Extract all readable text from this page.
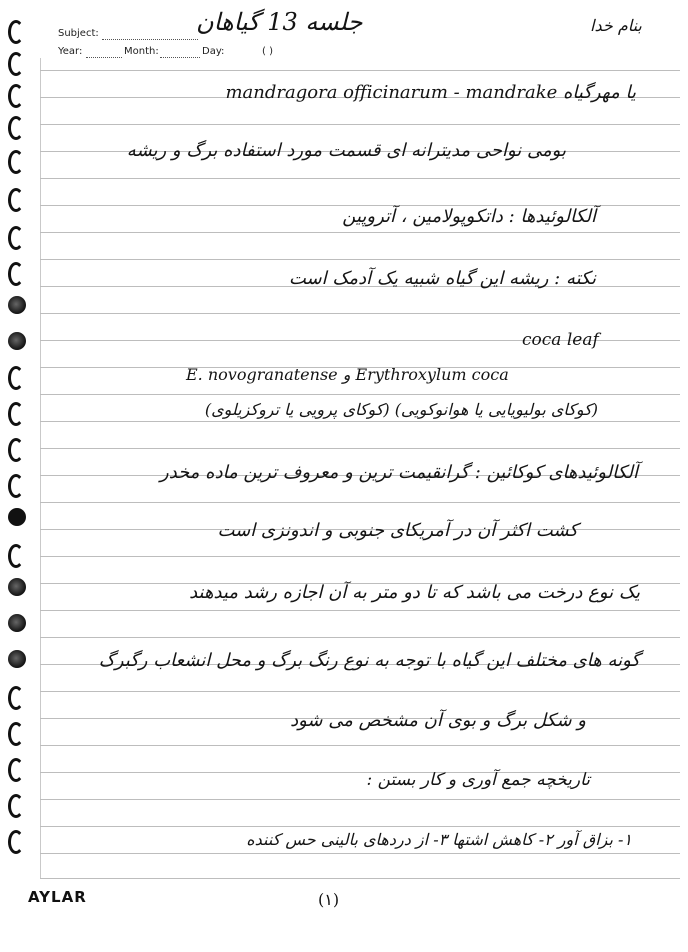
Subject:
Year:	Month:	Day:	( )
جلسه 13 گیاهان	بنام خدا
mandragora officinarum - mandrake یا مهرگیاه
بومی نواحی مدیترانه ای قسمت مورد استفاده برگ و ریشه
آلکالوئیدها : داتکوپولامین ، آتروپین
نکته : ریشه این گیاه شبیه یک آدمک است
coca leaf
E. novogranatense و Erythroxylum coca
(کوکای بولیویایی یا هوانوکویی) (کوکای پرویی یا تروکزیلوی)
آلکالوئیدهای کوکائین : گرانقیمت ترین و معروف ترین ماده مخدر
کشت اکثر آن در آمریکای جنوبی و اندونزی است
یک نوع درخت می باشد که تا دو متر به آن اجازه رشد میدهند
گونه های مختلف این گیاه با توجه به نوع رنگ برگ و محل انشعاب رگبرگ
و شکل برگ و بوی آن مشخص می شود
تاریخچه جمع آوری و کار بستن :
۱- بزاق آور ۲- کاهش اشتها ۳- از دردهای بالینی حس کننده
AYLAR	(۱)
